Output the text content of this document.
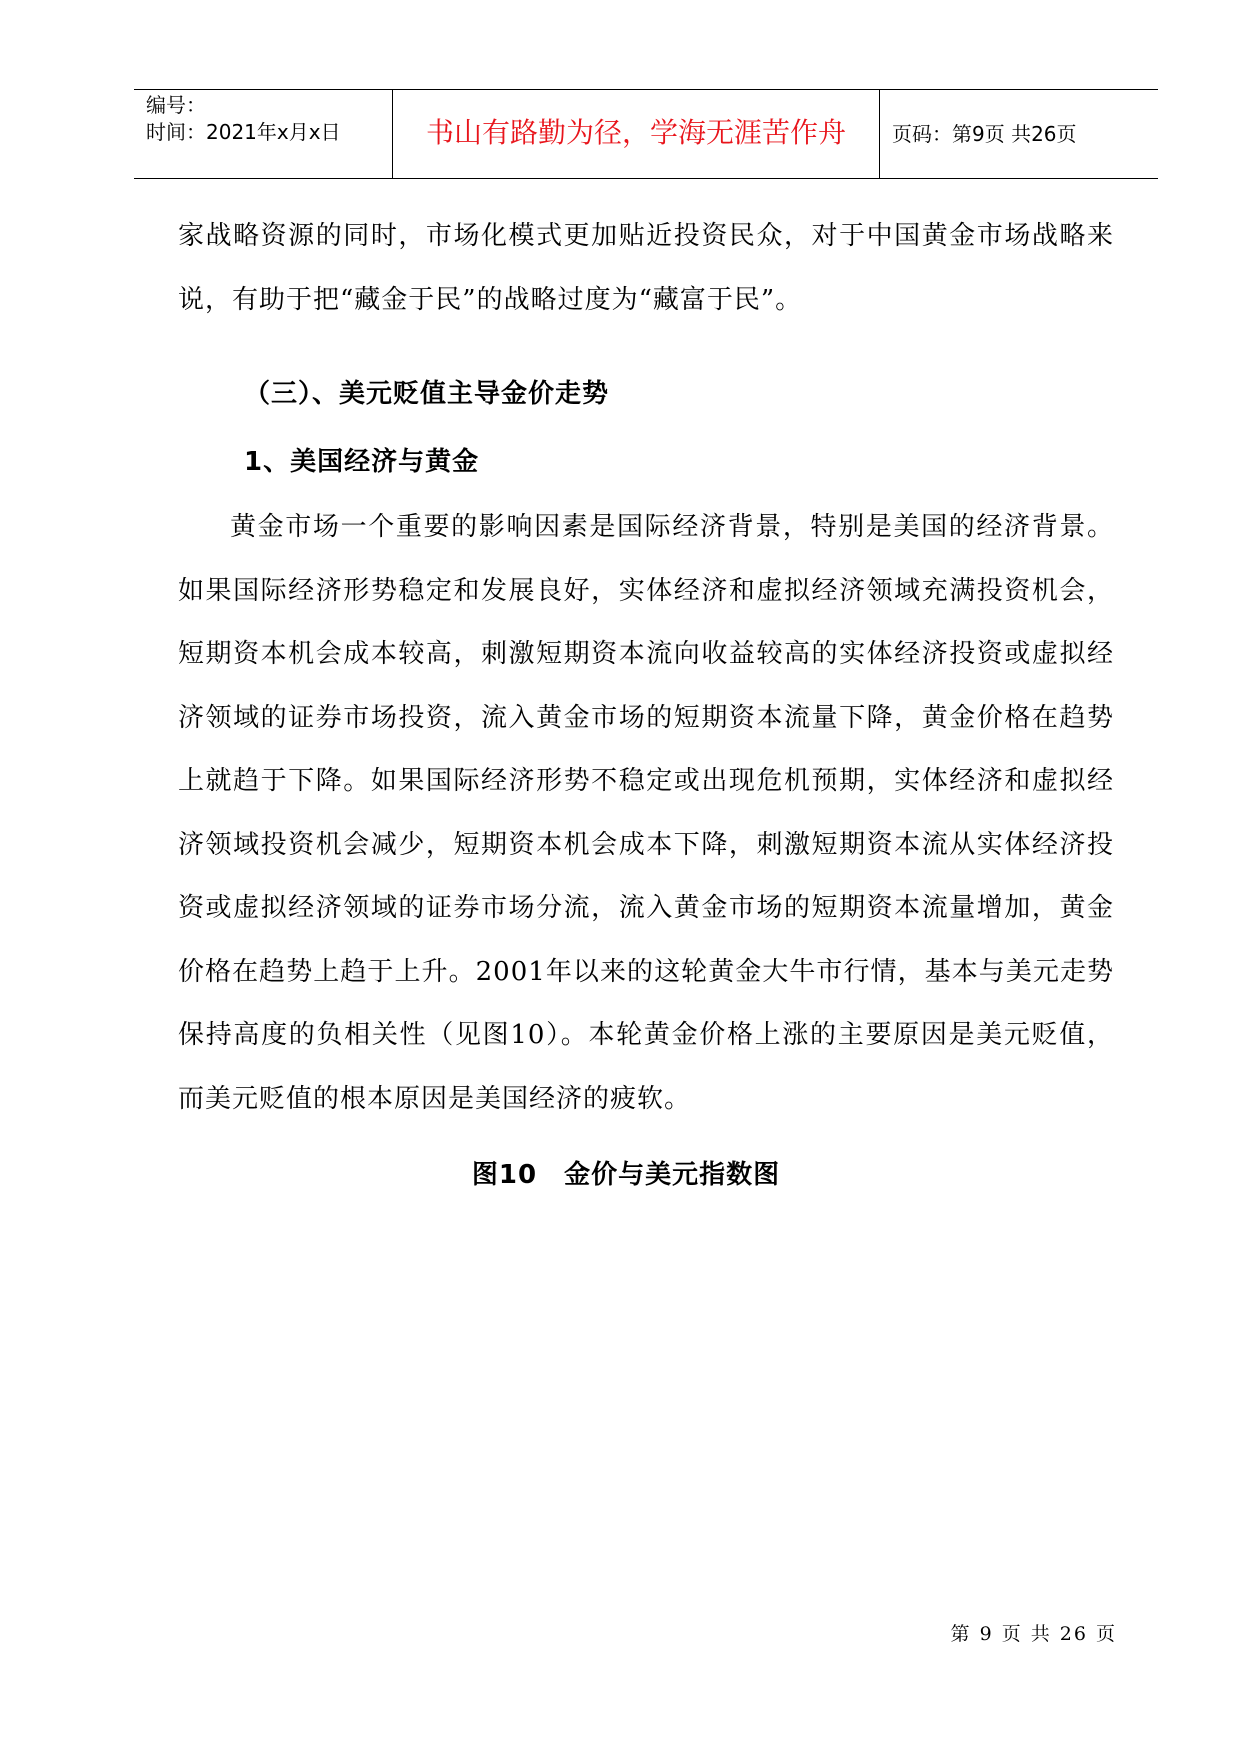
编号：
时间：2021年x月x日	书山有路勤为径，学海无涯苦作舟	页码：第9页 共26页

家战略资源的同时，市场化模式更加贴近投资民众，对于中国黄金市场战略来说，有助于把“藏金于民”的战略过度为“藏富于民”。

（三）、美元贬值主导金价走势
1、美国经济与黄金

黄金市场一个重要的影响因素是国际经济背景，特别是美国的经济背景。如果国际经济形势稳定和发展良好，实体经济和虚拟经济领域充满投资机会，短期资本机会成本较高，刺激短期资本流向收益较高的实体经济投资或虚拟经济领域的证券市场投资，流入黄金市场的短期资本流量下降，黄金价格在趋势上就趋于下降。如果国际经济形势不稳定或出现危机预期，实体经济和虚拟经济领域投资机会减少，短期资本机会成本下降，刺激短期资本流从实体经济投资或虚拟经济领域的证券市场分流，流入黄金市场的短期资本流量增加，黄金价格在趋势上趋于上升。2001年以来的这轮黄金大牛市行情，基本与美元走势保持高度的负相关性（见图10）。本轮黄金价格上涨的主要原因是美元贬值，而美元贬值的根本原因是美国经济的疲软。

图10　金价与美元指数图
第 9 页 共 26 页
